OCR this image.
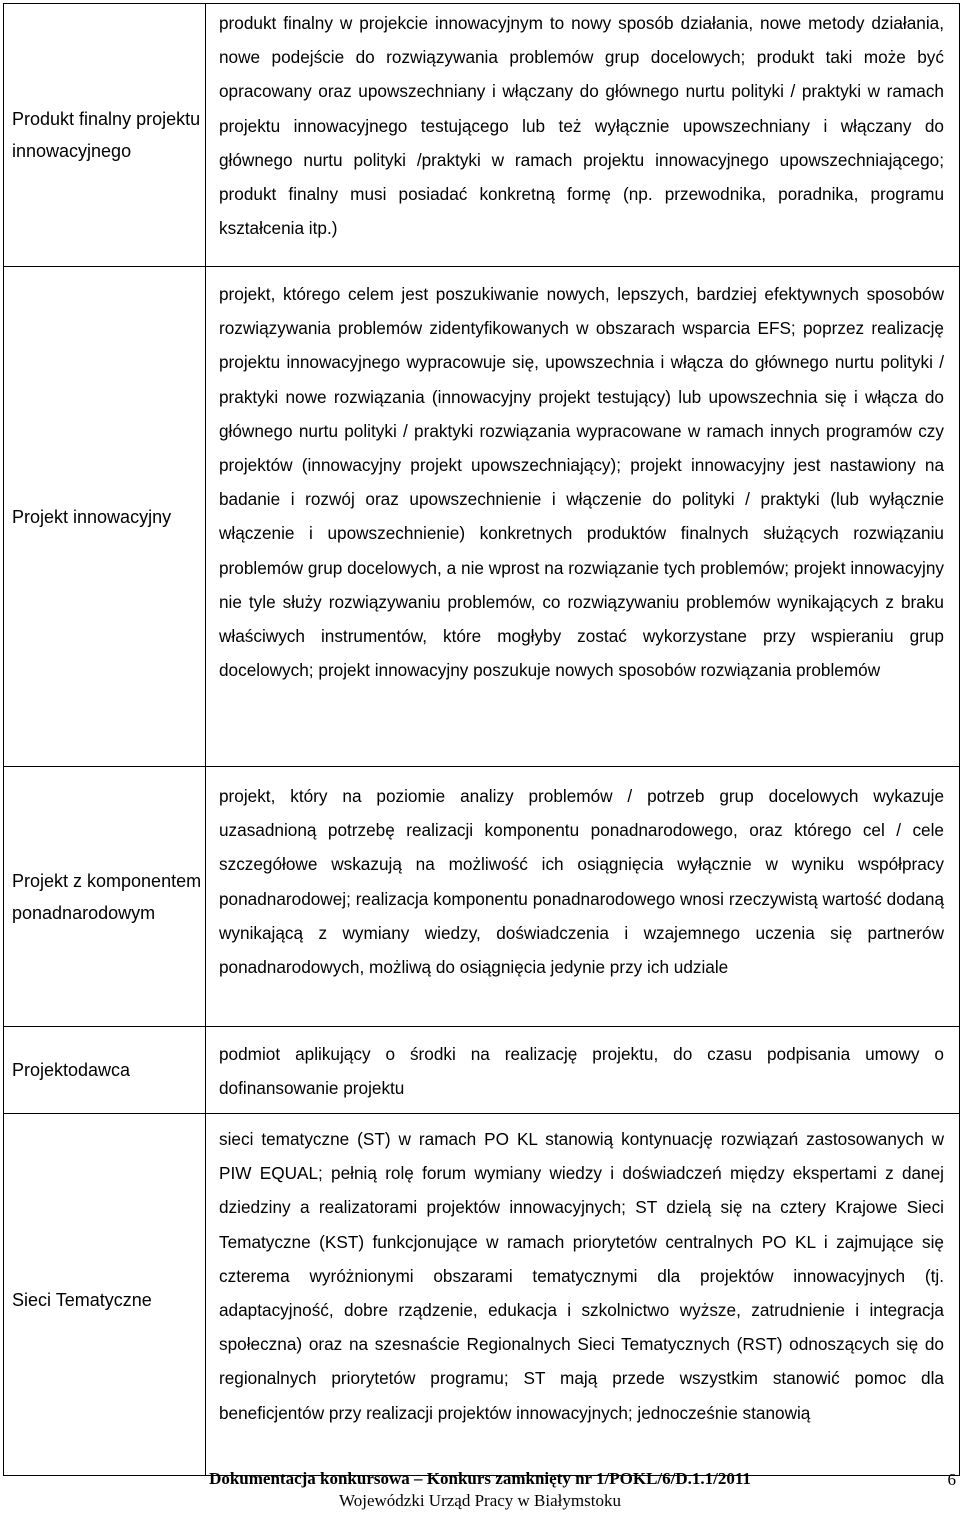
Produkt finalny projektu innowacyjnego
produkt finalny w projekcie innowacyjnym to nowy sposób działania, nowe metody działania, nowe podejście do rozwiązywania problemów grup docelowych; produkt taki może być opracowany oraz upowszechniany i włączany do głównego nurtu polityki / praktyki w ramach projektu innowacyjnego testującego lub też wyłącznie upowszechniany i włączany do głównego nurtu polityki /praktyki w ramach projektu innowacyjnego upowszechniającego; produkt finalny musi posiadać konkretną formę (np. przewodnika, poradnika, programu kształcenia itp.)
Projekt innowacyjny
projekt, którego celem jest poszukiwanie nowych, lepszych, bardziej efektywnych sposobów rozwiązywania problemów zidentyfikowanych w obszarach wsparcia EFS; poprzez realizację projektu innowacyjnego wypracowuje się, upowszechnia i włącza do głównego nurtu polityki / praktyki nowe rozwiązania (innowacyjny projekt testujący) lub upowszechnia się i włącza do głównego nurtu polityki / praktyki rozwiązania wypracowane w ramach innych programów czy projektów (innowacyjny projekt upowszechniający); projekt innowacyjny jest nastawiony na badanie i rozwój oraz upowszechnienie i włączenie do polityki / praktyki (lub wyłącznie włączenie i upowszechnienie) konkretnych produktów finalnych służących rozwiązaniu problemów grup docelowych, a nie wprost na rozwiązanie tych problemów; projekt innowacyjny nie tyle służy rozwiązywaniu problemów, co rozwiązywaniu problemów wynikających z braku właściwych instrumentów, które mogłyby zostać wykorzystane przy wspieraniu grup docelowych; projekt innowacyjny poszukuje nowych sposobów rozwiązania problemów
Projekt z komponentem ponadnarodowym
projekt, który na poziomie analizy problemów / potrzeb grup docelowych wykazuje uzasadnioną potrzebę realizacji komponentu ponadnarodowego, oraz którego cel / cele szczegółowe wskazują na możliwość ich osiągnięcia wyłącznie w wyniku współpracy ponadnarodowej; realizacja komponentu ponadnarodowego wnosi rzeczywistą wartość dodaną wynikającą z wymiany wiedzy, doświadczenia i wzajemnego uczenia się partnerów ponadnarodowych, możliwą do osiągnięcia jedynie przy ich udziale
Projektodawca
podmiot aplikujący o środki na realizację projektu, do czasu podpisania umowy o dofinansowanie projektu
Sieci Tematyczne
sieci tematyczne (ST) w ramach PO KL stanowią kontynuację rozwiązań zastosowanych w PIW EQUAL; pełnią rolę forum wymiany wiedzy i doświadczeń między ekspertami z danej dziedziny a realizatorami projektów innowacyjnych; ST dzielą się na cztery Krajowe Sieci Tematyczne (KST) funkcjonujące w ramach priorytetów centralnych PO KL i zajmujące się czterema wyróżnionymi obszarami tematycznymi dla projektów innowacyjnych (tj. adaptacyjność, dobre rządzenie, edukacja i szkolnictwo wyższe, zatrudnienie i integracja społeczna) oraz na szesnaście Regionalnych Sieci Tematycznych (RST) odnoszących się do regionalnych priorytetów programu; ST mają przede wszystkim stanowić pomoc dla beneficjentów przy realizacji projektów innowacyjnych; jednocześnie stanowią
Dokumentacja konkursowa – Konkurs zamknięty nr 1/POKL/6/D.1.1/2011
Wojewódzki Urząd Pracy w Białymstoku
6
